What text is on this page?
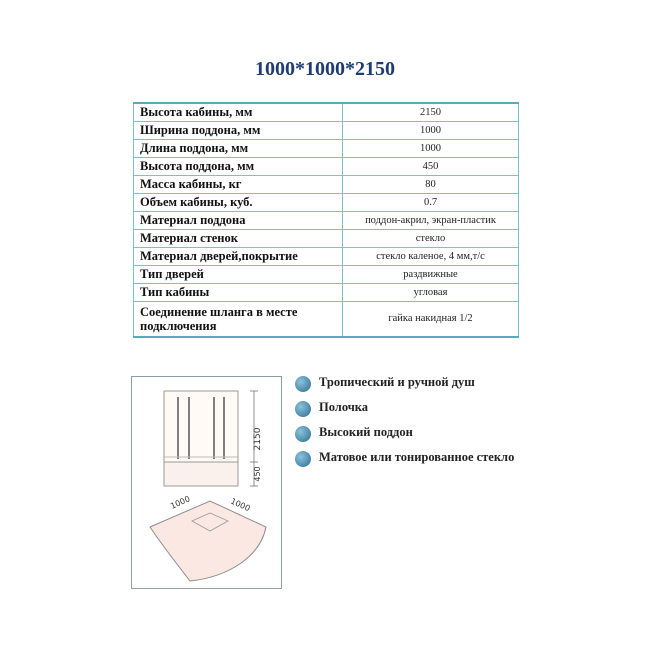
1000*1000*2150
Высота кабины, мм	2150
Ширина поддона, мм	1000
Длина поддона, мм	1000
Высота поддона, мм	450
Масса кабины, кг	80
Объем кабины, куб.	0.7
Материал поддона	поддон-акрил, экран-пластик
Материал стенок	стекло
Материал дверей,покрытие	стекло каленое, 4 мм,т/с
Тип дверей	раздвижные
Тип кабины	угловая
Соединение шланга в месте подключения	гайка накидная 1/2
2150
450
1000	1000
Тропический и ручной душ
Полочка
Высокий поддон
Матовое или тонированное стекло
